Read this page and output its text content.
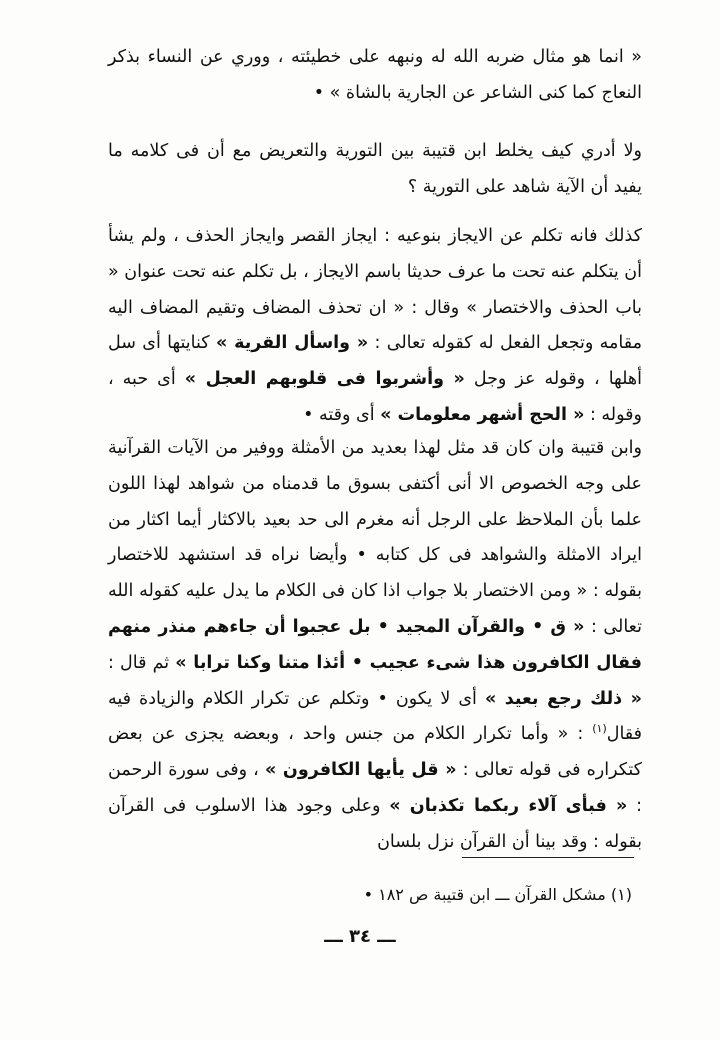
« انما هو مثال ضربه الله له ونبهه على خطيئته ، ووري عن النساء بذكر النعاج كما كنى الشاعر عن الجارية بالشاة » •

ولا أدري كيف يخلط ابن قتيبة بين التورية والتعريض مع أن فى كلامه ما يفيد أن الآية شاهد على التورية ؟

كذلك فانه تكلم عن الايجاز بنوعيه : ايجاز القصر وايجاز الحذف ، ولم يشأ أن يتكلم عنه تحت ما عرف حديثا باسم الايجاز ، بل تكلم عنه تحت عنوان « باب الحذف والاختصار » وقال : « ان تحذف المضاف وتقيم المضاف اليه مقامه وتجعل الفعل له كقوله تعالى : « واسأل القرية » كنايتها أى سل أهلها ، وقوله عز وجل « وأشربوا فى قلوبهم العجل » أى حبه ، وقوله : « الحج أشهر معلومات » أى وقته •

وابن قتيبة وان كان قد مثل لهذا بعديد من الأمثلة ووفير من الآيات القرآنية على وجه الخصوص الا أنى أكتفى بسوق ما قدمناه من شواهد لهذا اللون علما بأن الملاحظ على الرجل أنه مغرم الى حد بعيد بالاكثار أيما اكثار من ايراد الامثلة والشواهد فى كل كتابه • وأيضا نراه قد استشهد للاختصار بقوله : « ومن الاختصار بلا جواب اذا كان فى الكلام ما يدل عليه كقوله الله تعالى : « ق • والقرآن المجيد • بل عجبوا أن جاءهم منذر منهم فقال الكافرون هذا شىء عجيب • أئذا متنا وكنا ترابا » ثم قال : « ذلك رجع بعيد » أى لا يكون • وتكلم عن تكرار الكلام والزيادة فيه فقال$^{(١)}$ : « وأما تكرار الكلام من جنس واحد ، وبعضه يجزى عن بعض كتكراره فى قوله تعالى : « قل يأيها الكافرون » ، وفى سورة الرحمن : « فبأى آلاء ربكما تكذبان » وعلى وجود هذا الاسلوب فى القرآن بقوله : وقد بينا أن القرآن نزل بلسان

(١) مشكل القرآن ـــ ابن قتيبة ص ١٨٢ •

ـــ ٣٤ ـــ
